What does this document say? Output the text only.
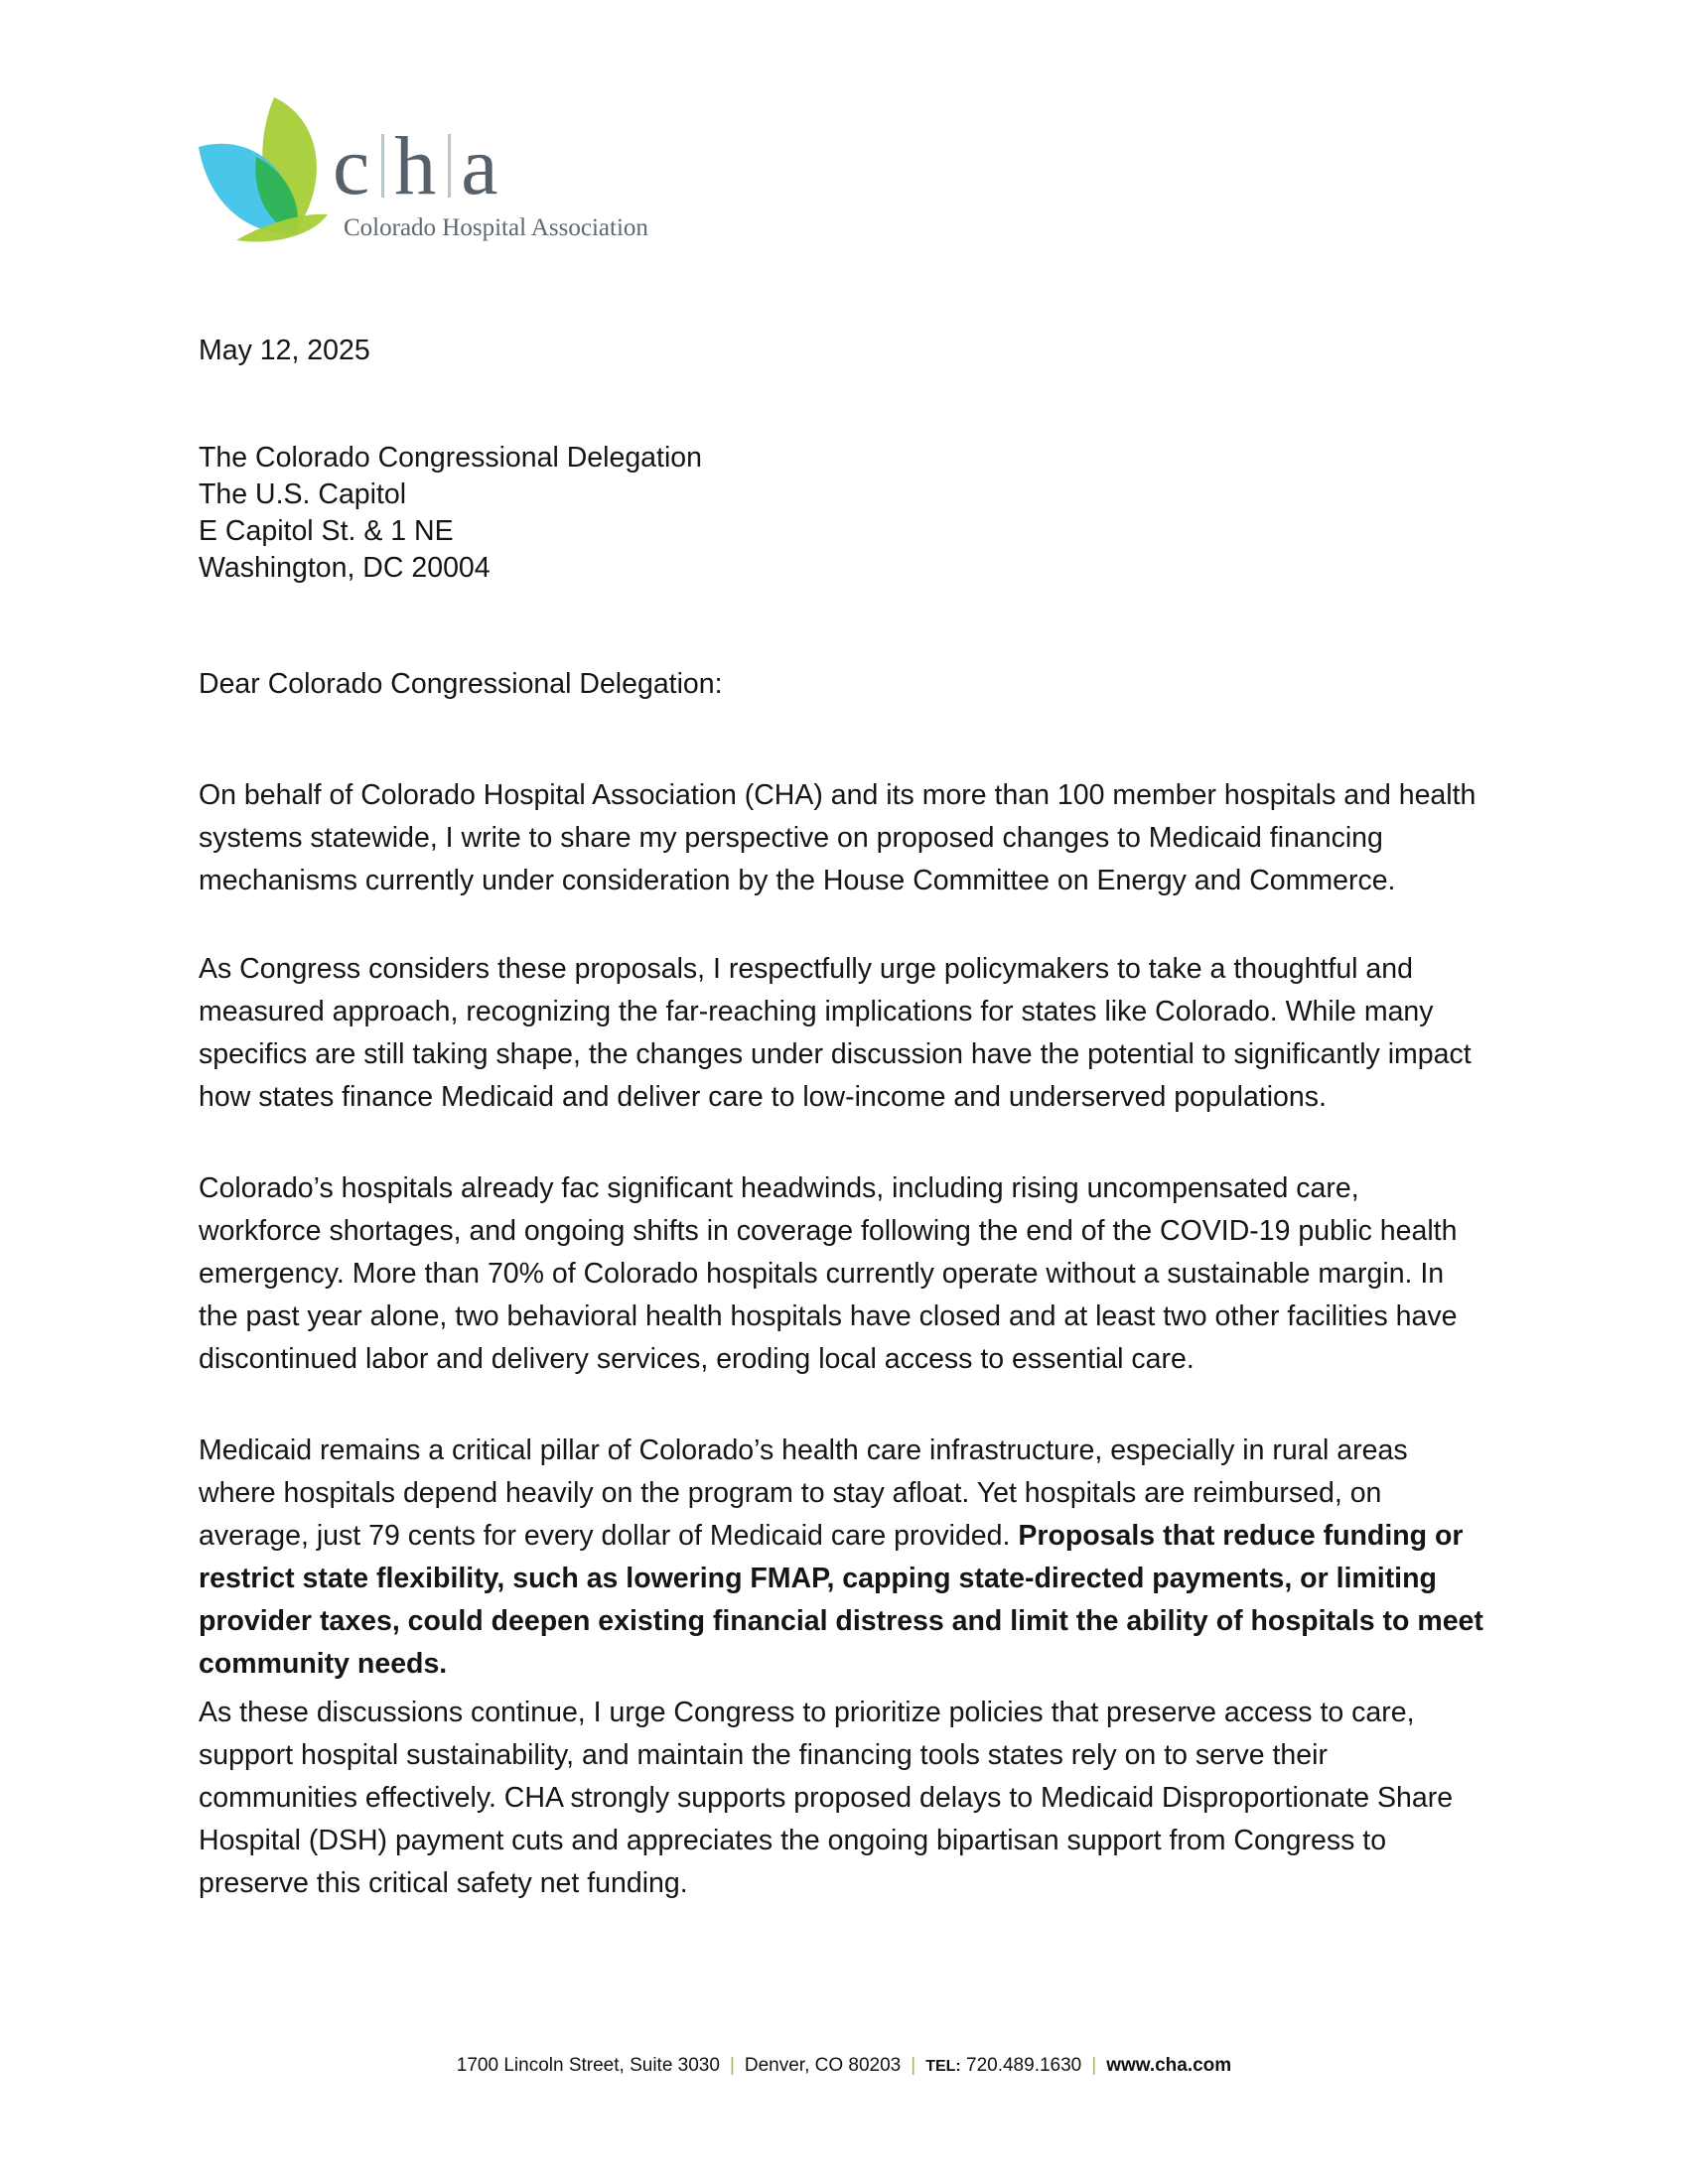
c h a
Colorado Hospital Association
May 12, 2025
The Colorado Congressional Delegation
The U.S. Capitol
E Capitol St. & 1 NE
Washington, DC 20004
Dear Colorado Congressional Delegation:
On behalf of Colorado Hospital Association (CHA) and its more than 100 member hospitals and health systems statewide, I write to share my perspective on proposed changes to Medicaid financing mechanisms currently under consideration by the House Committee on Energy and Commerce.
As Congress considers these proposals, I respectfully urge policymakers to take a thoughtful and measured approach, recognizing the far-reaching implications for states like Colorado. While many specifics are still taking shape, the changes under discussion have the potential to significantly impact how states finance Medicaid and deliver care to low-income and underserved populations.
Colorado’s hospitals already fac significant headwinds, including rising uncompensated care, workforce shortages, and ongoing shifts in coverage following the end of the COVID-19 public health emergency. More than 70% of Colorado hospitals currently operate without a sustainable margin. In the past year alone, two behavioral health hospitals have closed and at least two other facilities have discontinued labor and delivery services, eroding local access to essential care.
Medicaid remains a critical pillar of Colorado’s health care infrastructure, especially in rural areas where hospitals depend heavily on the program to stay afloat. Yet hospitals are reimbursed, on average, just 79 cents for every dollar of Medicaid care provided. Proposals that reduce funding or restrict state flexibility, such as lowering FMAP, capping state-directed payments, or limiting provider taxes, could deepen existing financial distress and limit the ability of hospitals to meet community needs.
As these discussions continue, I urge Congress to prioritize policies that preserve access to care, support hospital sustainability, and maintain the financing tools states rely on to serve their communities effectively. CHA strongly supports proposed delays to Medicaid Disproportionate Share Hospital (DSH) payment cuts and appreciates the ongoing bipartisan support from Congress to preserve this critical safety net funding.
1700 Lincoln Street, Suite 3030 | Denver, CO 80203 | TEL: 720.489.1630 | www.cha.com
